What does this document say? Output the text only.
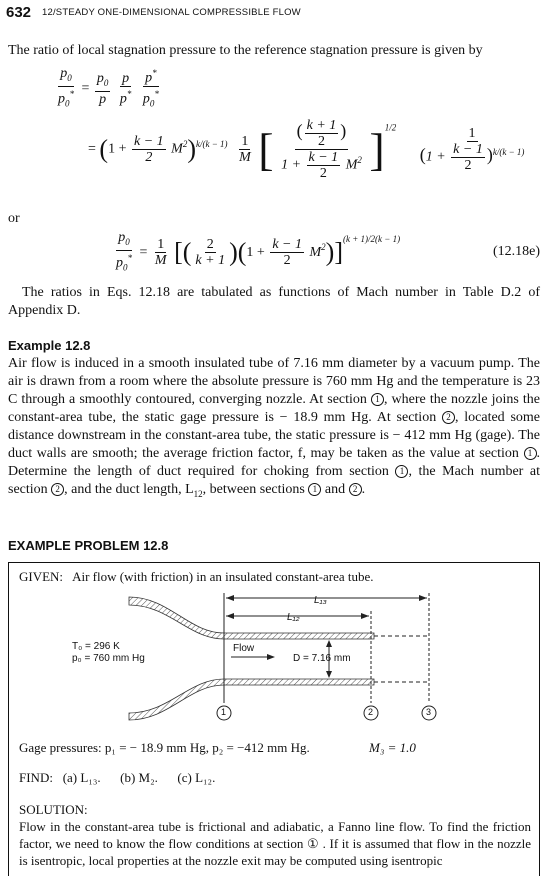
632 12/STEADY ONE-DIMENSIONAL COMPRESSIBLE FLOW
The ratio of local stagnation pressure to the reference stagnation pressure is given by
$\frac{p_0}{p_0^*} = \frac{p_0}{p}$
$\frac{p}{p^*}$
$\frac{p^*}{p_0^*}$
= $(1 + \frac{k - 1}{2} M^2)^{k/(k - 1)} \frac{1}{M}$ [ $\frac{( \frac{k + 1}{2} )}{1 + \frac{k - 1}{2} M^2} ]^{1/2} \frac{1}{(1 + \frac{k - 1}{2} )^{k/(k - 1)}}$
or
$\frac{p_0}{p_0^*} = \frac{1}{M}$ [( $\frac{2}{k + 1} )(1 + \frac{k - 1}{2} M^2)]^{(k + 1)/2(k - 1)}$
(12.18e)
The ratios in Eqs. 12.18 are tabulated as functions of Mach number in Table D.2 of Appendix D.
Example 12.8
Air flow is induced in a smooth insulated tube of 7.16 mm diameter by a vacuum pump. The air is drawn from a room where the absolute pressure is 760 mm Hg and the temperature is 23 C through a smoothly contoured, converging nozzle. At section 1 , where the nozzle joins the constant-area tube, the static gage pressure is − 18.9 mm Hg. At section 2 , located some distance downstream in the constant-area tube, the static pressure is − 412 mm Hg (gage). The duct walls are smooth; the average friction factor, f, may be taken as the value at section 1 . Determine the length of duct required for choking from section 1 , the Mach number at section 2 , and the duct length, $L_{12}$, between sections 1 and 2 .
EXAMPLE PROBLEM 12.8
GIVEN: Air flow (with friction) in an insulated constant-area tube.
L₁₃
L₁₂
T₀ = 296 K
p₀ = 760 mm Hg
Flow
D = 7.16 mm
1	2	3
Gage pressures: p₁ = − 18.9 mm Hg, p₂ = −412 mm Hg.	M₃ = 1.0
FIND: (a) L₁₃. (b) M₂. (c) L₁₂.
SOLUTION:
Flow in the constant-area tube is frictional and adiabatic, a Fanno line flow. To find the friction factor, we need to know the flow conditions at section ① . If it is assumed that flow in the nozzle is isentropic, local properties at the nozzle exit may be computed using isentropic
